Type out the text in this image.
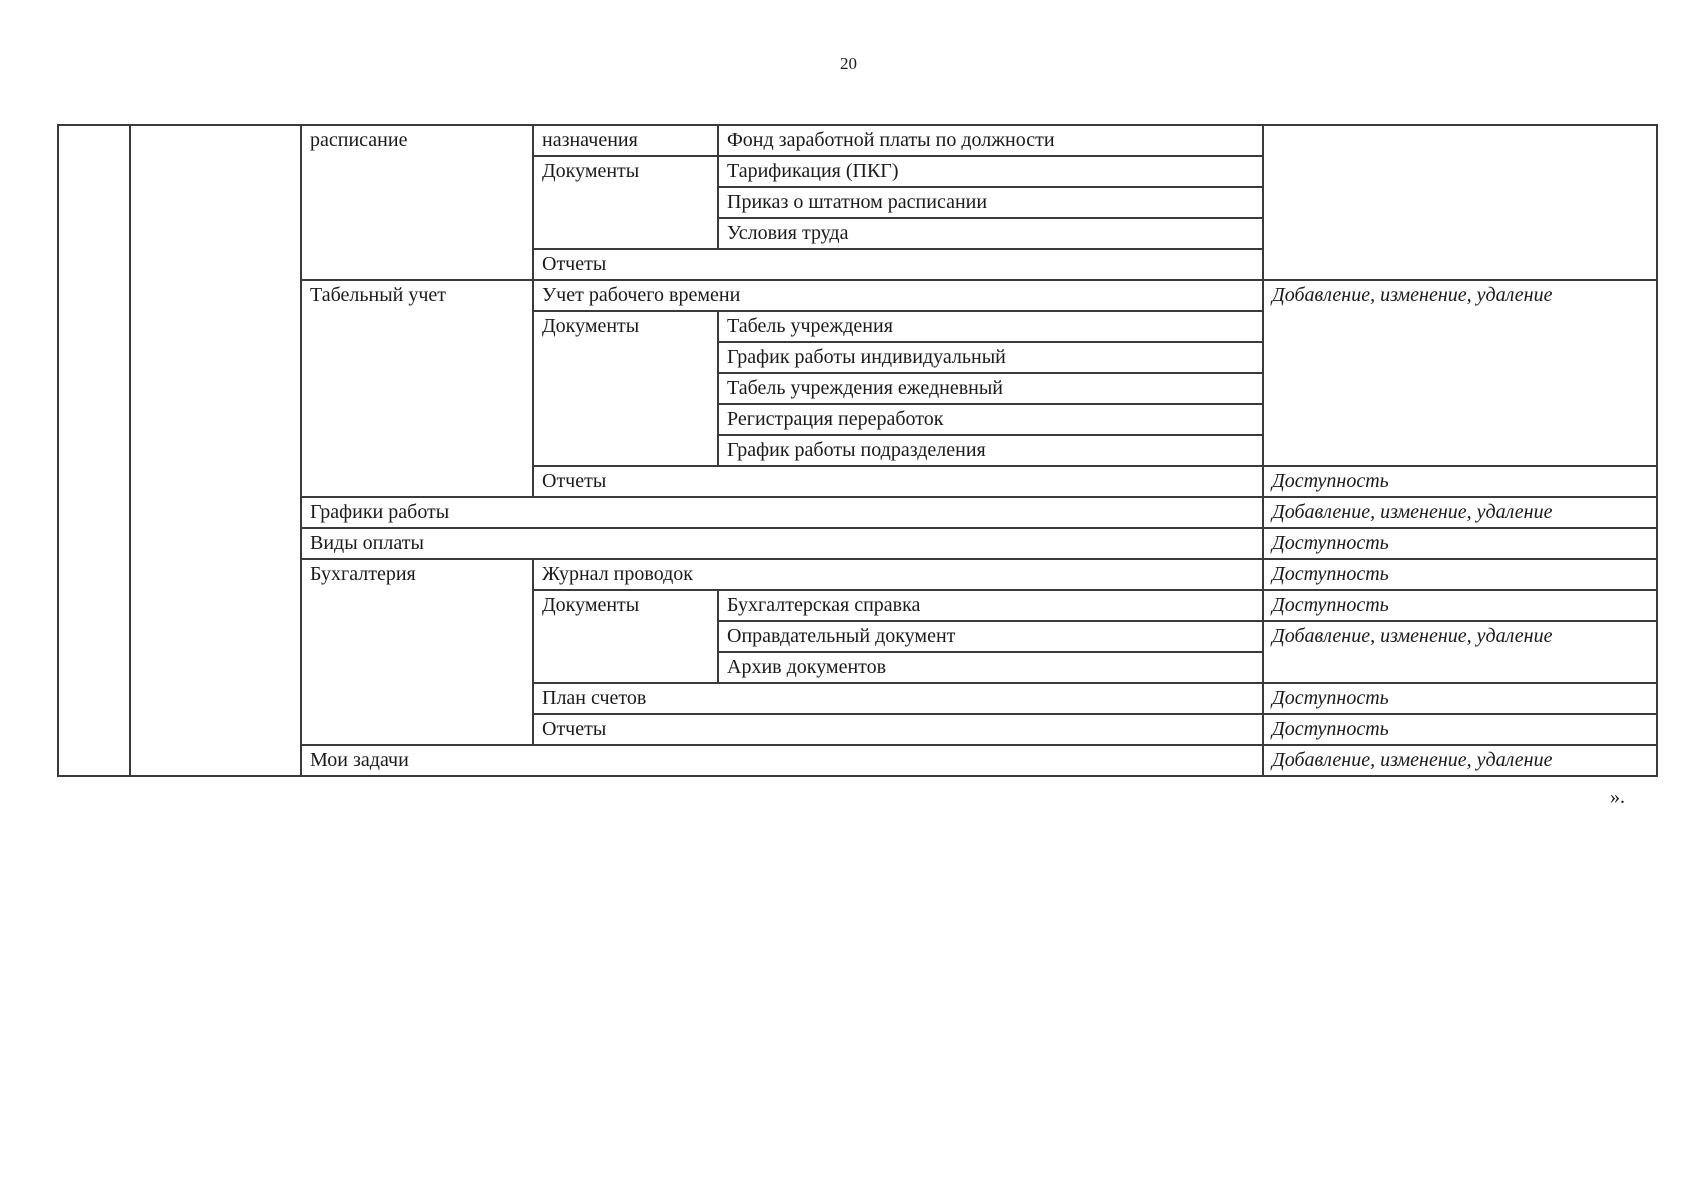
20
		расписание	назначения	Фонд заработной платы по должности	
			Документы	Тарификация (ПКГ)	
				Приказ о штатном расписании	
				Условия труда	
			Отчеты		
		Табельный учет	Учет рабочего времени		Добавление, изменение, удаление
			Документы	Табель учреждения	
				График работы индивидуальный	
				Табель учреждения ежедневный	
				Регистрация переработок	
				График работы подразделения	
			Отчеты		Доступность
		Графики работы			Добавление, изменение, удаление
		Виды оплаты			Доступность
		Бухгалтерия	Журнал проводок		Доступность
			Документы	Бухгалтерская справка	Доступность
				Оправдательный документ	Добавление, изменение, удаление
				Архив документов	
			План счетов		Доступность
			Отчеты		Доступность
		Мои задачи			Добавление, изменение, удаление
».
